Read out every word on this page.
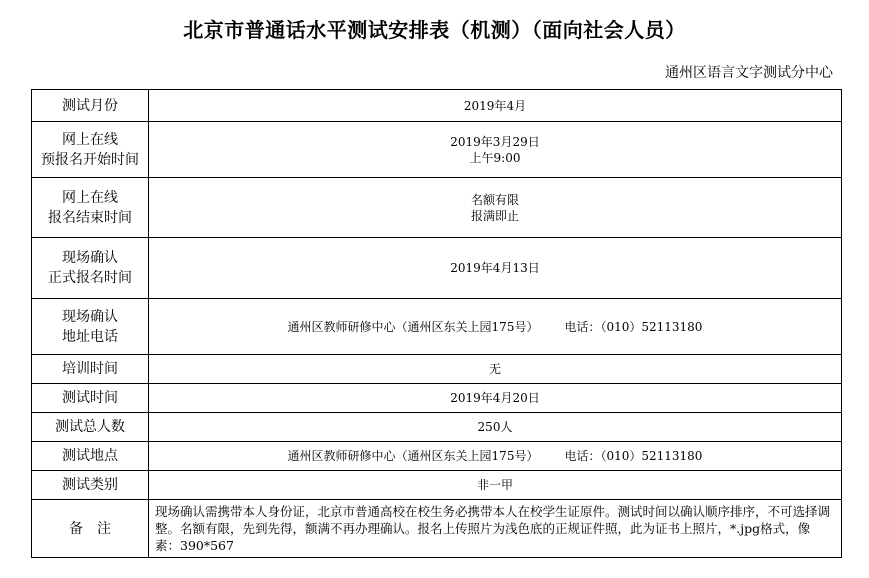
北京市普通话水平测试安排表（机测）（面向社会人员）
通州区语言文字测试分中心
测试月份	2019年4月

网上在线
预报名开始时间	2019年3月29日
上午9:00

网上在线
报名结束时间	名额有限
报满即止

现场确认
正式报名时间	2019年4月13日

现场确认
地址电话	通州区教师研修中心（通州区东关上园175号） 电话：（010）52113180
培训时间	无
测试时间	2019年4月20日
测试总人数	250人
测试地点	通州区教师研修中心（通州区东关上园175号） 电话：（010）52113180
测试类别	非一甲
备　注	现场确认需携带本人身份证，北京市普通高校在校生务必携带本人在校学生证原件。测试时间以确认顺序排序，不可选择调整。名额有限，先到先得，额满不再办理确认。报名上传照片为浅色底的正规证件照，此为证书上照片，*.jpg格式，像素：390*567
